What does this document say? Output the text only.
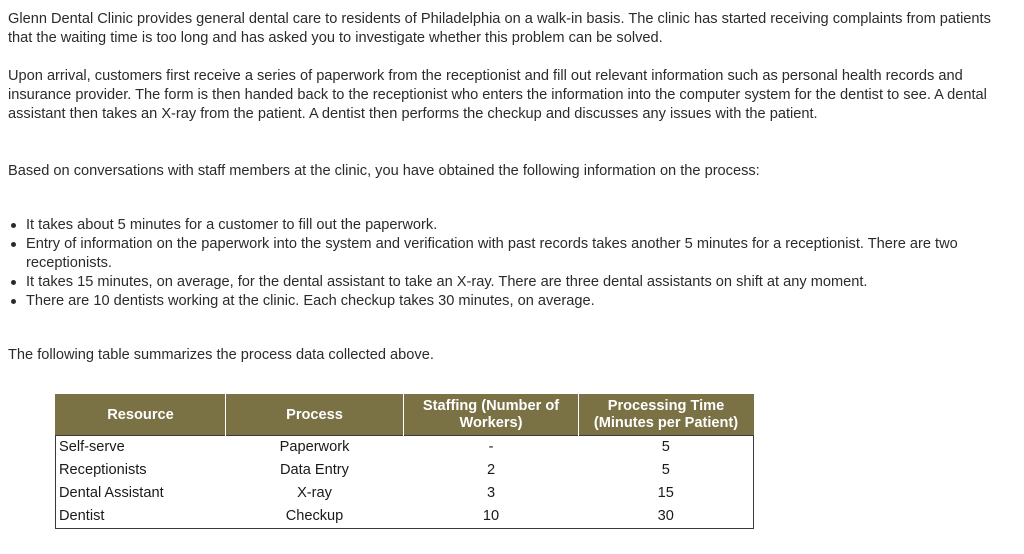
Glenn Dental Clinic provides general dental care to residents of Philadelphia on a walk-in basis. The clinic has started receiving complaints from patients that the waiting time is too long and has asked you to investigate whether this problem can be solved.

Upon arrival, customers first receive a series of paperwork from the receptionist and fill out relevant information such as personal health records and insurance provider. The form is then handed back to the receptionist who enters the information into the computer system for the dentist to see. A dental assistant then takes an X-ray from the patient. A dentist then performs the checkup and discusses any issues with the patient.

Based on conversations with staff members at the clinic, you have obtained the following information on the process:

It takes about 5 minutes for a customer to fill out the paperwork.
Entry of information on the paperwork into the system and verification with past records takes another 5 minutes for a receptionist. There are two receptionists.
It takes 15 minutes, on average, for the dental assistant to take an X-ray. There are three dental assistants on shift at any moment.
There are 10 dentists working at the clinic. Each checkup takes 30 minutes, on average.

The following table summarizes the process data collected above.

Resource	Process	Staffing (Number of Workers)	Processing Time (Minutes per Patient)
Self-serve	Paperwork	-	5
Receptionists	Data Entry	2	5
Dental Assistant	X-ray	3	15
Dentist	Checkup	10	30
